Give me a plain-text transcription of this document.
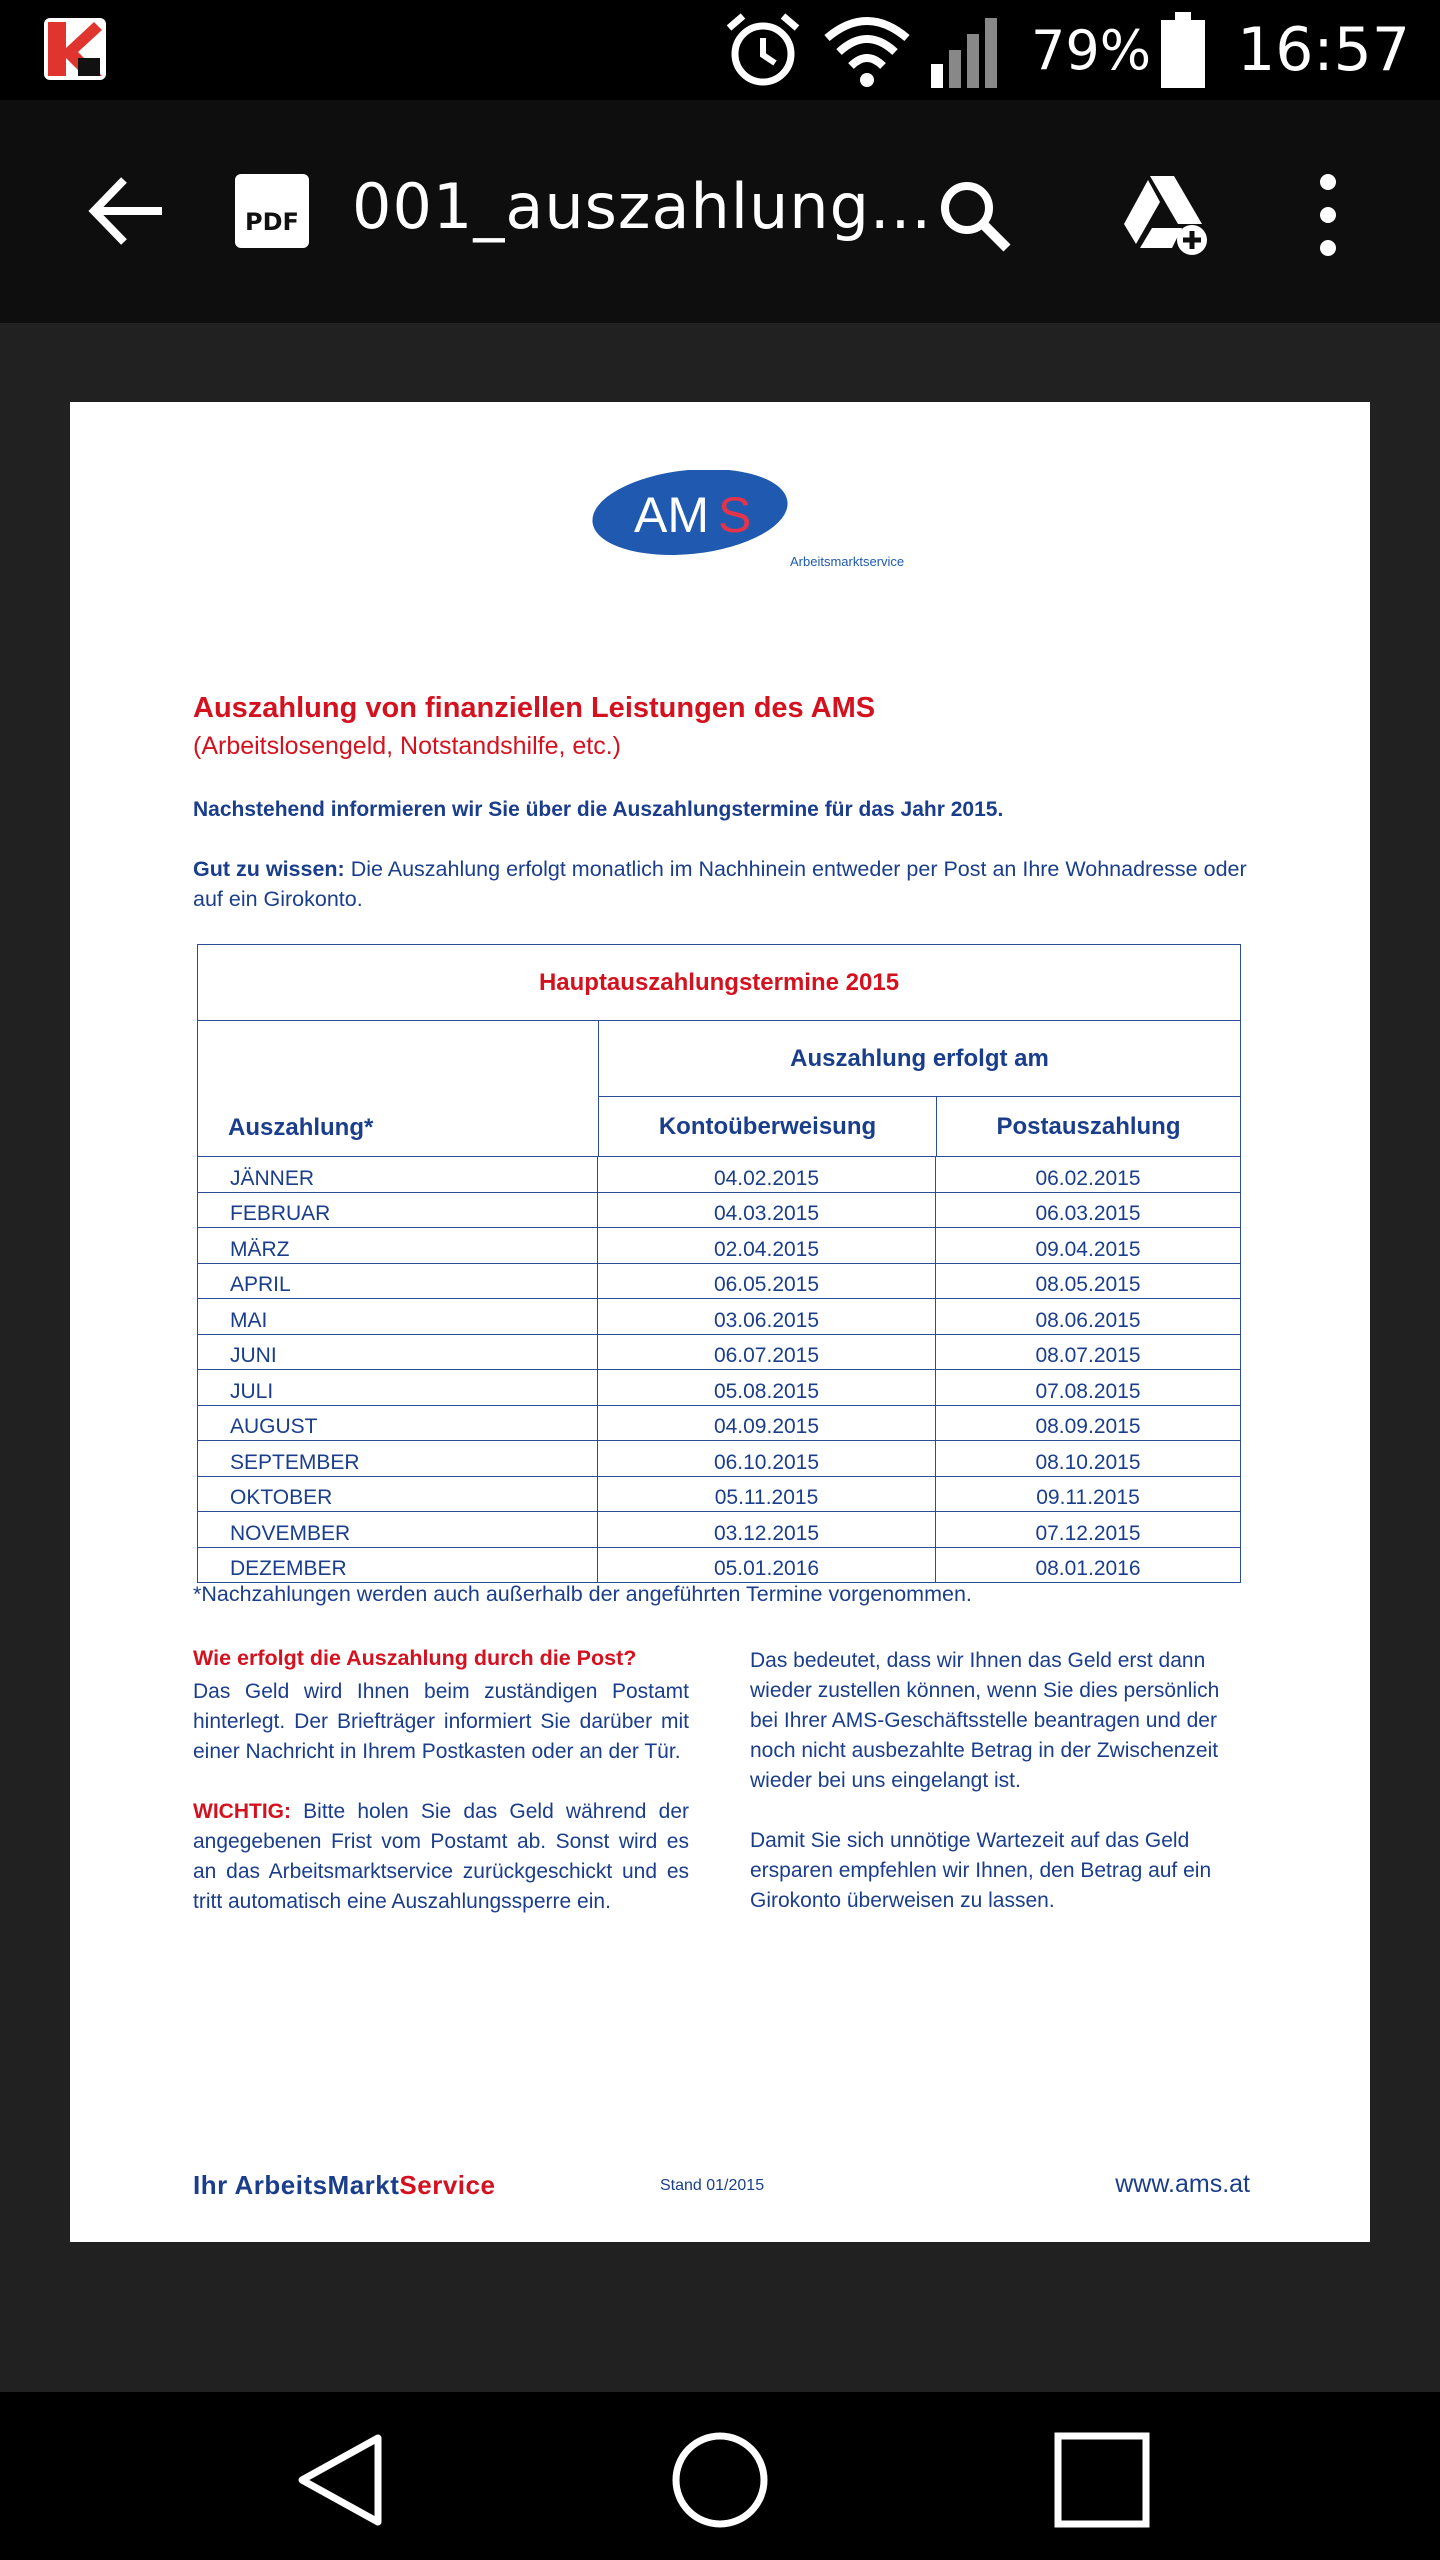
79% 16:57
PDF 001_auszahlung...
AM S
Arbeitsmarktservice
Auszahlung von finanziellen Leistungen des AMS
(Arbeitslosengeld, Notstandshilfe, etc.)
Nachstehend informieren wir Sie über die Auszahlungstermine für das Jahr 2015.
Gut zu wissen: Die Auszahlung erfolgt monatlich im Nachhinein entweder per Post an Ihre Wohnadresse oder auf ein Girokonto.
Hauptauszahlungstermine 2015
Auszahlung*
Auszahlung erfolgt am
Kontoüberweisung	Postauszahlung
JÄNNER	04.02.2015	06.02.2015
FEBRUAR	04.03.2015	06.03.2015
MÄRZ	02.04.2015	09.04.2015
APRIL	06.05.2015	08.05.2015
MAI	03.06.2015	08.06.2015
JUNI	06.07.2015	08.07.2015
JULI	05.08.2015	07.08.2015
AUGUST	04.09.2015	08.09.2015
SEPTEMBER	06.10.2015	08.10.2015
OKTOBER	05.11.2015	09.11.2015
NOVEMBER	03.12.2015	07.12.2015
DEZEMBER	05.01.2016	08.01.2016
*Nachzahlungen werden auch außerhalb der angeführten Termine vorgenommen.
Wie erfolgt die Auszahlung durch die Post?

Das Geld wird Ihnen beim zuständigen Postamt hinterlegt. Der Briefträger informiert Sie darüber mit einer Nachricht in Ihrem Postkasten oder an der Tür.

WICHTIG: Bitte holen Sie das Geld während der angegebenen Frist vom Postamt ab. Sonst wird es an das Arbeitsmarktservice zurückgeschickt und es tritt automatisch eine Auszahlungssperre ein.

Das bedeutet, dass wir Ihnen das Geld erst dann wieder zustellen können, wenn Sie dies persönlich bei Ihrer AMS-Geschäftsstelle beantragen und der noch nicht ausbezahlte Betrag in der Zwischenzeit wieder bei uns eingelangt ist.

Damit Sie sich unnötige Wartezeit auf das Geld ersparen empfehlen wir Ihnen, den Betrag auf ein Girokonto überweisen zu lassen.

Ihr ArbeitsMarktService	Stand 01/2015	www.ams.at
